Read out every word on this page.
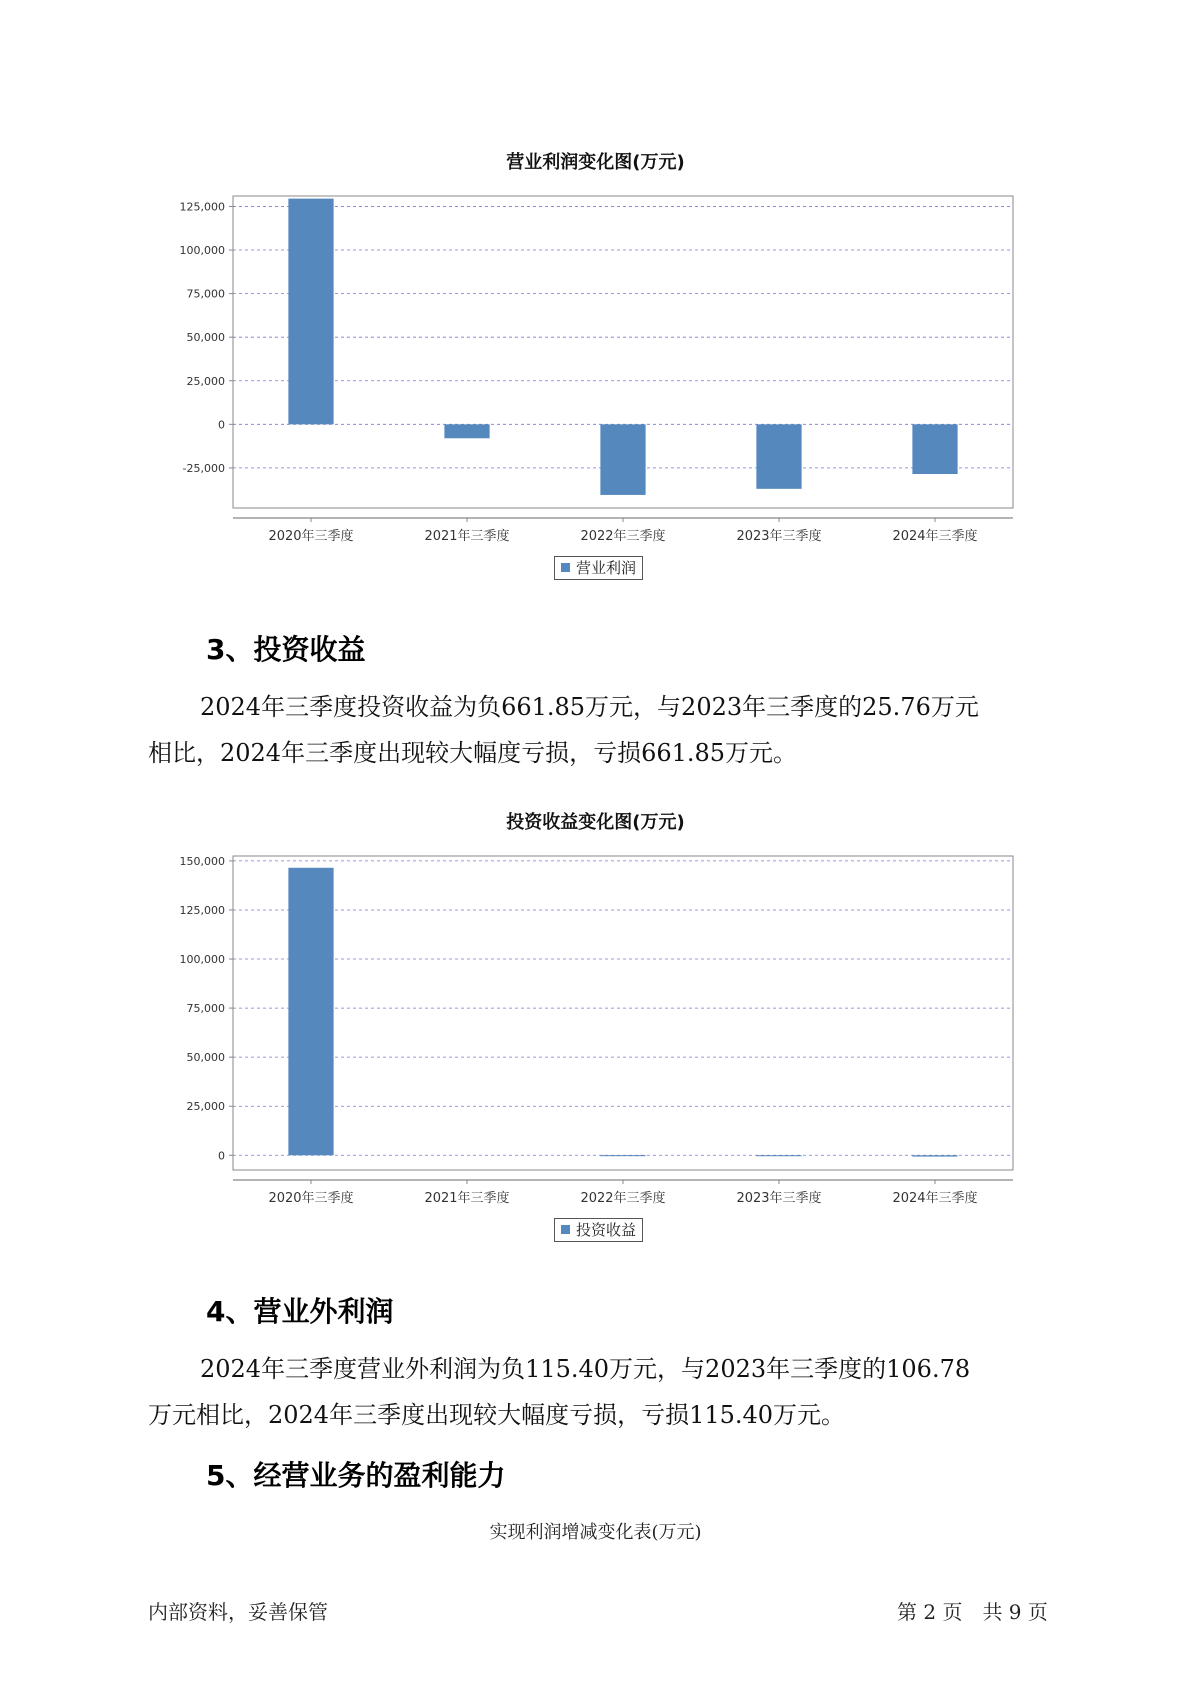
营业利润变化图(万元)
125,000
100,000
75,000
50,000
25,000
0
-25,000
2020年三季度	2021年三季度	2022年三季度	2023年三季度	2024年三季度
营业利润
3、投资收益

2024年三季度投资收益为负661.85万元，与2023年三季度的25.76万元
相比，2024年三季度出现较大幅度亏损，亏损661.85万元。

投资收益变化图(万元)
150,000
125,000
100,000
75,000
50,000
25,000
0
2020年三季度	2021年三季度	2022年三季度	2023年三季度	2024年三季度
投资收益
4、营业外利润

2024年三季度营业外利润为负115.40万元，与2023年三季度的106.78
万元相比，2024年三季度出现较大幅度亏损，亏损115.40万元。

5、经营业务的盈利能力
实现利润增减变化表(万元)
内部资料，妥善保管	第 2 页　共 9 页
